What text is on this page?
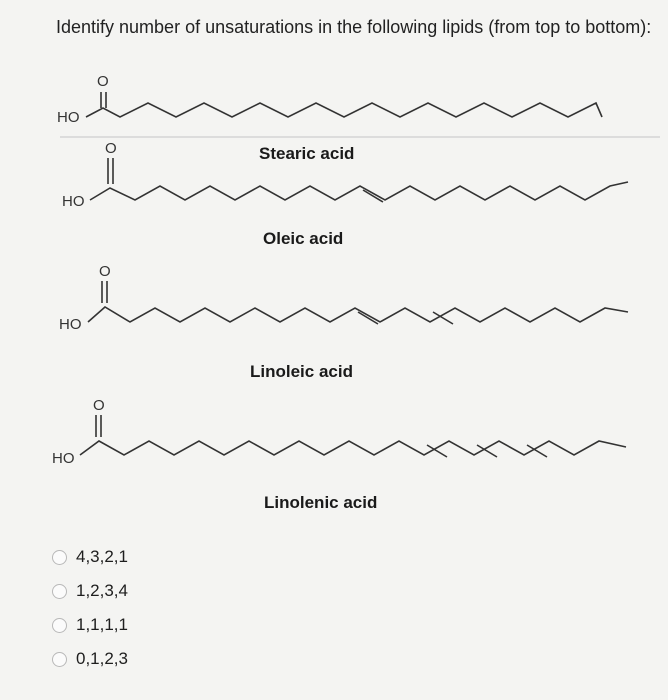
Identify number of unsaturations in the following lipids (from top to bottom):
HO
O
HO
O
HO
O
HO
O
Stearic acid
Oleic acid
Linoleic acid
Linolenic acid
4,3,2,1
1,2,3,4
1,1,1,1
0,1,2,3
